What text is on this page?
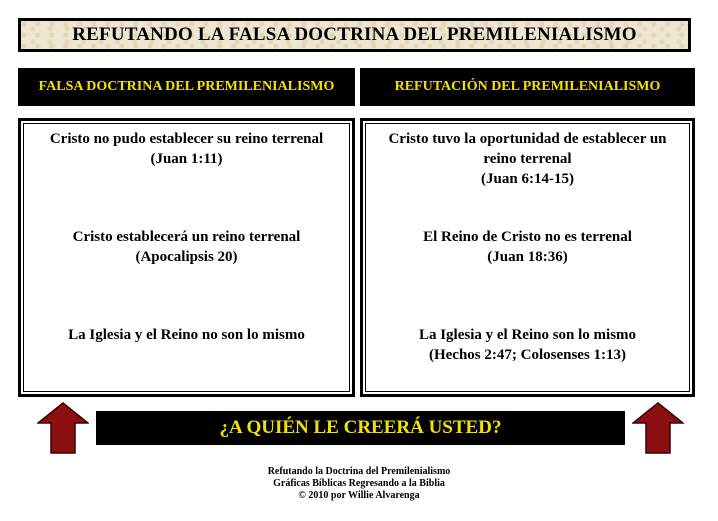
REFUTANDO LA FALSA DOCTRINA DEL PREMILENIALISMO
FALSA DOCTRINA DEL PREMILENIALISMO	REFUTACIÓN DEL PREMILENIALISMO
Cristo no pudo establecer su reino terrenal
(Juan 1:11)
Cristo establecerá un reino terrenal
(Apocalipsis 20)
La Iglesia y el Reino no son lo mismo
Cristo tuvo la oportunidad de establecer un reino terrenal
(Juan 6:14-15)
El Reino de Cristo no es terrenal
(Juan 18:36)
La Iglesia y el Reino son lo mismo
(Hechos 2:47; Colosenses 1:13)
¿A QUIÉN LE CREERÁ USTED?
Refutando la Doctrina del Premilenialismo
Gráficas Bíblicas Regresando a la Biblia
© 2010 por Willie Alvarenga
